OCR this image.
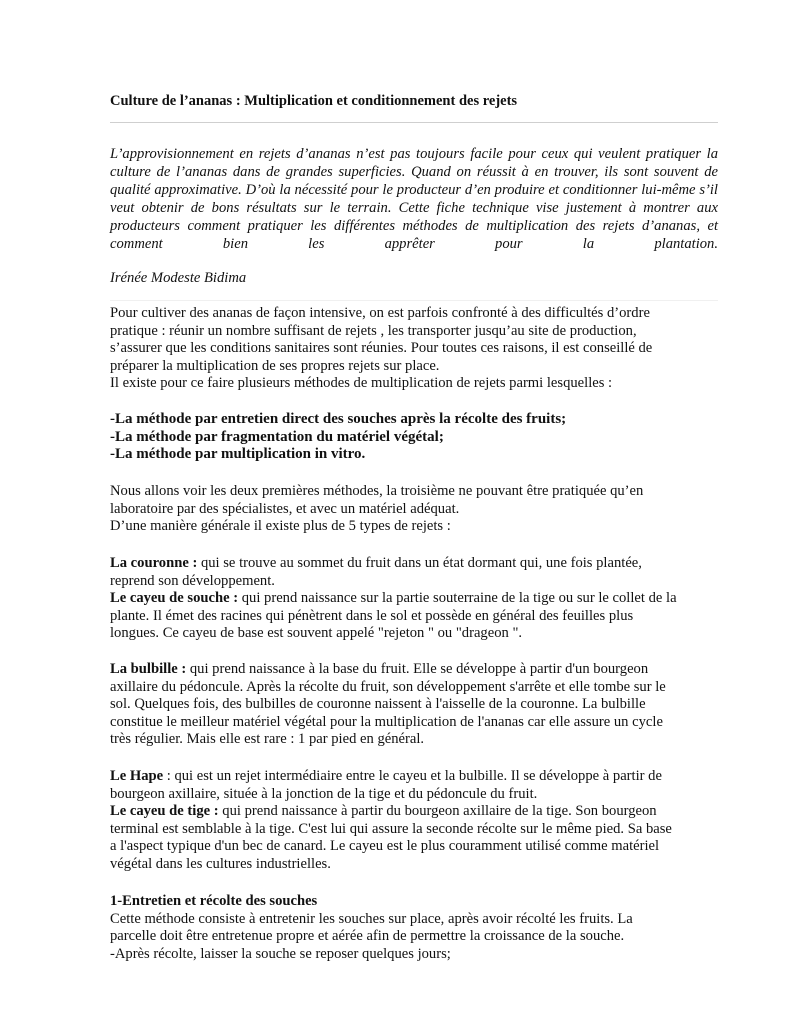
Culture de l’ananas : Multiplication et conditionnement des rejets

L’approvisionnement en rejets d’ananas n’est pas toujours facile pour ceux qui veulent pratiquer la culture de l’ananas dans de grandes superficies. Quand on réussit à en trouver, ils sont souvent de qualité approximative. D’où la nécessité pour le producteur d’en produire et conditionner lui-même s’il veut obtenir de bons résultats sur le terrain. Cette fiche technique vise justement à montrer aux producteurs comment pratiquer les différentes méthodes de multiplication des rejets d’ananas, et comment bien les apprêter pour la plantation.

Irénée Modeste Bidima

Pour cultiver des ananas de façon intensive, on est parfois confronté à des difficultés d’ordre
pratique : réunir un nombre suffisant de rejets , les transporter jusqu’au site de production,
s’assurer que les conditions sanitaires sont réunies. Pour toutes ces raisons, il est conseillé de
préparer la multiplication de ses propres rejets sur place.
Il existe pour ce faire plusieurs méthodes de multiplication de rejets parmi lesquelles :
-La méthode par entretien direct des souches après la récolte des fruits;
-La méthode par fragmentation du matériel végétal;
-La méthode par multiplication in vitro.
Nous allons voir les deux premières méthodes, la troisième ne pouvant être pratiquée qu’en
laboratoire par des spécialistes, et avec un matériel adéquat.
D’une manière générale il existe plus de 5 types de rejets :
La couronne : qui se trouve au sommet du fruit dans un état dormant qui, une fois plantée,
reprend son développement.
Le cayeu de souche : qui prend naissance sur la partie souterraine de la tige ou sur le collet de la
plante. Il émet des racines qui pénètrent dans le sol et possède en général des feuilles plus
longues. Ce cayeu de base est souvent appelé "rejeton " ou "drageon ".
La bulbille : qui prend naissance à la base du fruit. Elle se développe à partir d'un bourgeon
axillaire du pédoncule. Après la récolte du fruit, son développement s'arrête et elle tombe sur le
sol. Quelques fois, des bulbilles de couronne naissent à l'aisselle de la couronne. La bulbille
constitue le meilleur matériel végétal pour la multiplication de l'ananas car elle assure un cycle
très régulier. Mais elle est rare : 1 par pied en général.
Le Hape : qui est un rejet intermédiaire entre le cayeu et la bulbille. Il se développe à partir de
bourgeon axillaire, située à la jonction de la tige et du pédoncule du fruit.
Le cayeu de tige : qui prend naissance à partir du bourgeon axillaire de la tige. Son bourgeon
terminal est semblable à la tige. C'est lui qui assure la seconde récolte sur le même pied. Sa base
a l'aspect typique d'un bec de canard. Le cayeu est le plus couramment utilisé comme matériel
végétal dans les cultures industrielles.
1-Entretien et récolte des souches
Cette méthode consiste à entretenir les souches sur place, après avoir récolté les fruits. La
parcelle doit être entretenue propre et aérée afin de permettre la croissance de la souche.
-Après récolte, laisser la souche se reposer quelques jours;
